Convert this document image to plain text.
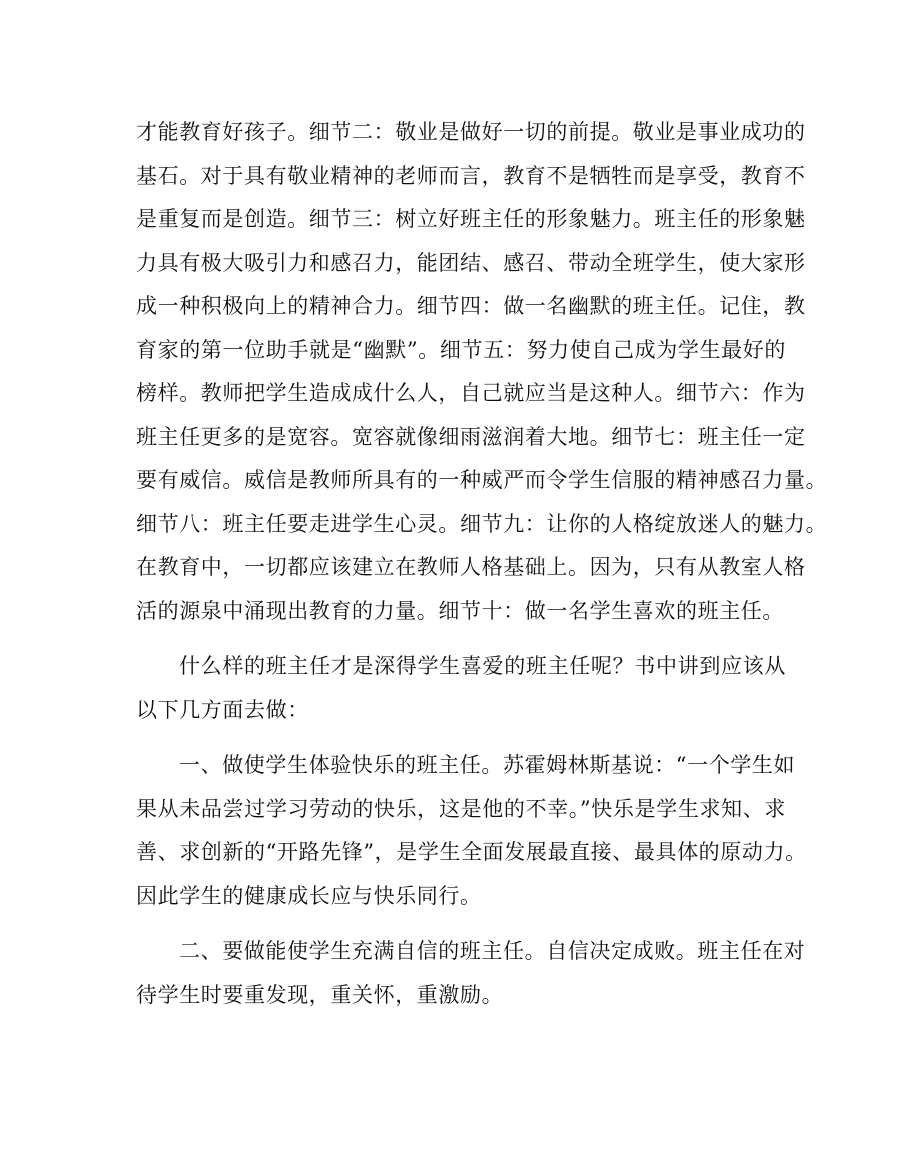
才能教育好孩子。细节二：敬业是做好一切的前提。敬业是事业成功的
基石。对于具有敬业精神的老师而言，教育不是牺牲而是享受，教育不
是重复而是创造。细节三：树立好班主任的形象魅力。班主任的形象魅
力具有极大吸引力和感召力，能团结、感召、带动全班学生，使大家形
成一种积极向上的精神合力。细节四：做一名幽默的班主任。记住，教
育家的第一位助手就是“幽默”。细节五：努力使自己成为学生最好的
榜样。教师把学生造成成什么人，自己就应当是这种人。细节六：作为
班主任更多的是宽容。宽容就像细雨滋润着大地。细节七：班主任一定
要有威信。威信是教师所具有的一种威严而令学生信服的精神感召力量。
细节八：班主任要走进学生心灵。细节九：让你的人格绽放迷人的魅力。
在教育中，一切都应该建立在教师人格基础上。因为，只有从教室人格
活的源泉中涌现出教育的力量。细节十：做一名学生喜欢的班主任。
什么样的班主任才是深得学生喜爱的班主任呢？书中讲到应该从
以下几方面去做：
一、做使学生体验快乐的班主任。苏霍姆林斯基说：“一个学生如
果从未品尝过学习劳动的快乐，这是他的不幸。”快乐是学生求知、求
善、求创新的“开路先锋”，是学生全面发展最直接、最具体的原动力。
因此学生的健康成长应与快乐同行。
二、要做能使学生充满自信的班主任。自信决定成败。班主任在对
待学生时要重发现，重关怀，重激励。
